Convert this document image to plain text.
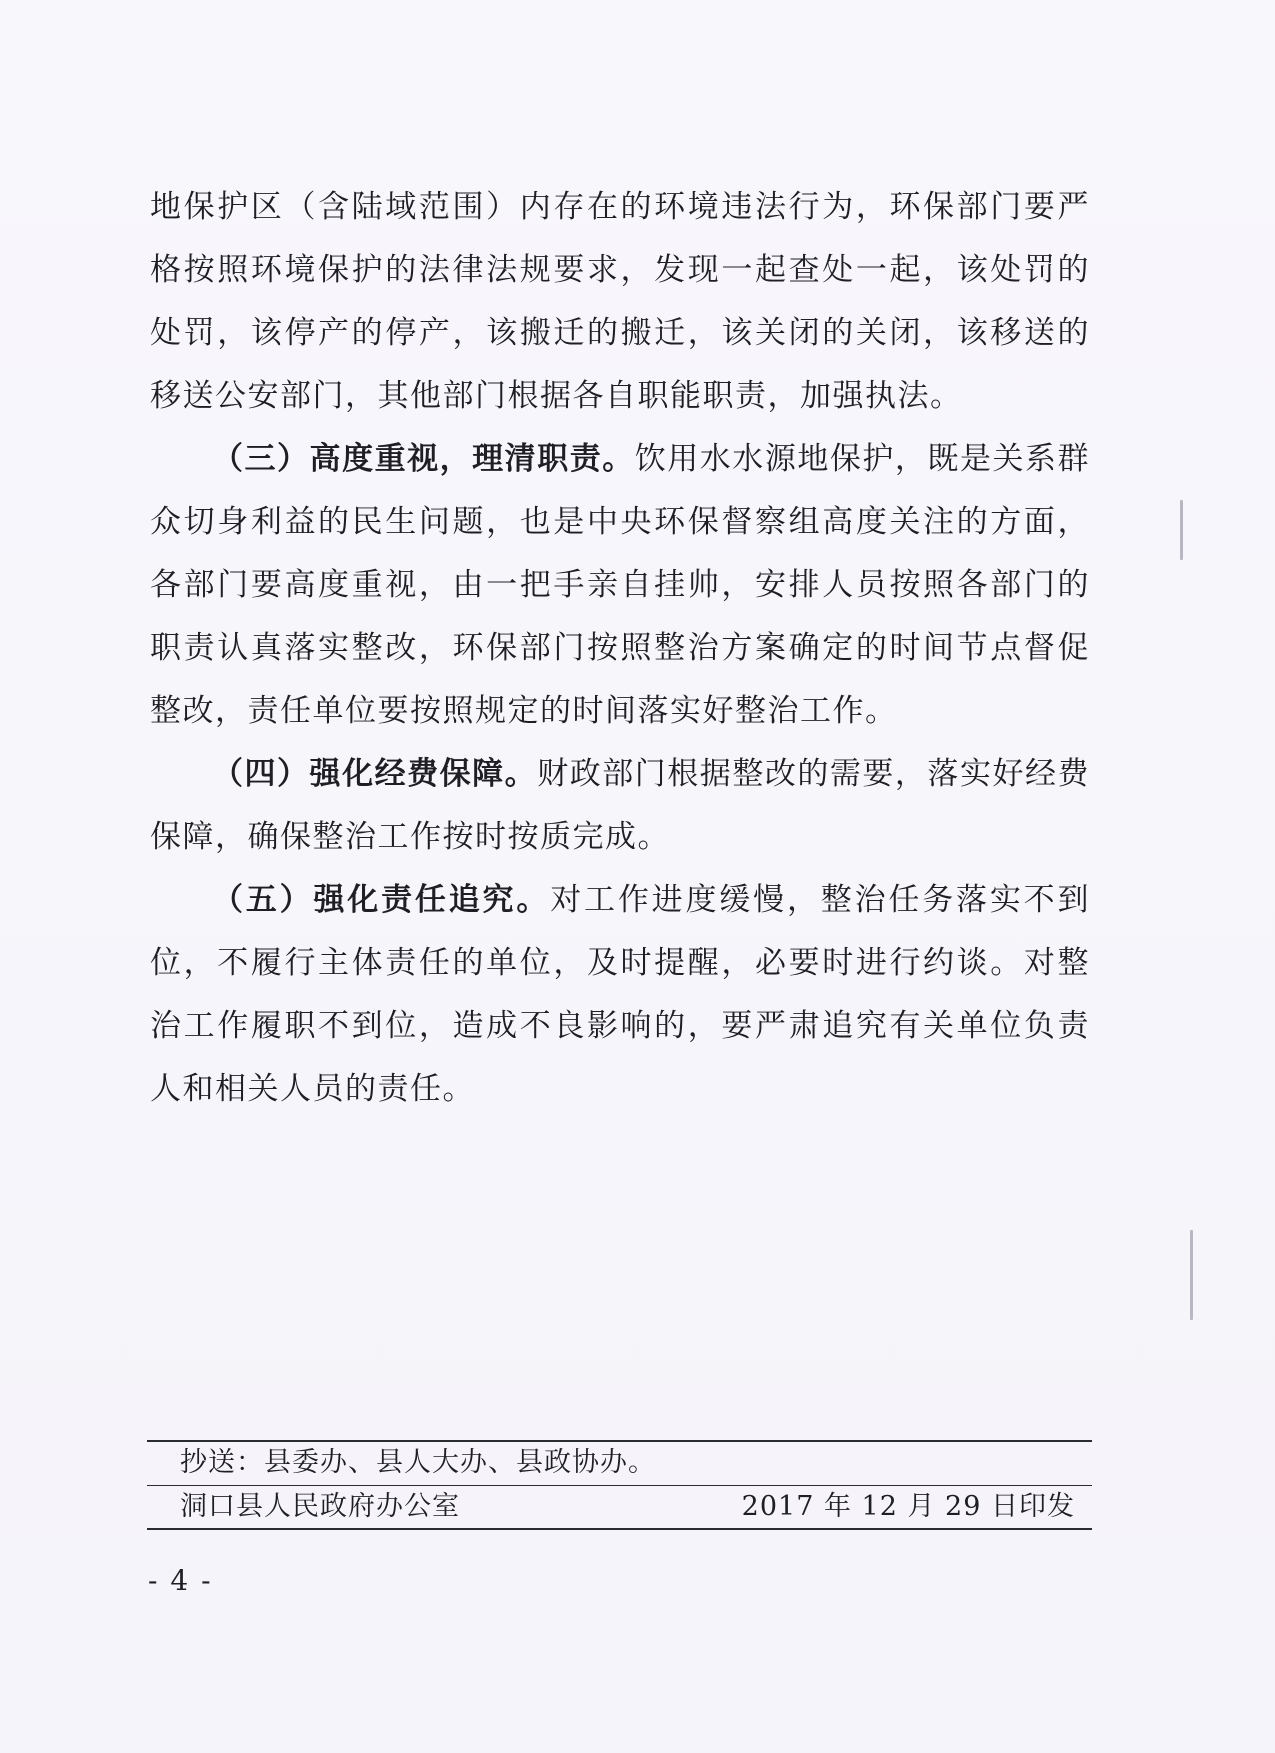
地保护区（含陆域范围）内存在的环境违法行为，环保部门要严格按照环境保护的法律法规要求，发现一起查处一起，该处罚的处罚，该停产的停产，该搬迁的搬迁，该关闭的关闭，该移送的移送公安部门，其他部门根据各自职能职责，加强执法。

（三）高度重视，理清职责。饮用水水源地保护，既是关系群众切身利益的民生问题，也是中央环保督察组高度关注的方面，各部门要高度重视，由一把手亲自挂帅，安排人员按照各部门的职责认真落实整改，环保部门按照整治方案确定的时间节点督促整改，责任单位要按照规定的时间落实好整治工作。

（四）强化经费保障。财政部门根据整改的需要，落实好经费保障，确保整治工作按时按质完成。

（五）强化责任追究。对工作进度缓慢，整治任务落实不到位，不履行主体责任的单位，及时提醒，必要时进行约谈。对整治工作履职不到位，造成不良影响的，要严肃追究有关单位负责人和相关人员的责任。

抄送：县委办、县人大办、县政协办。
洞口县人民政府办公室	2017 年 12 月 29 日印发
- 4 -
